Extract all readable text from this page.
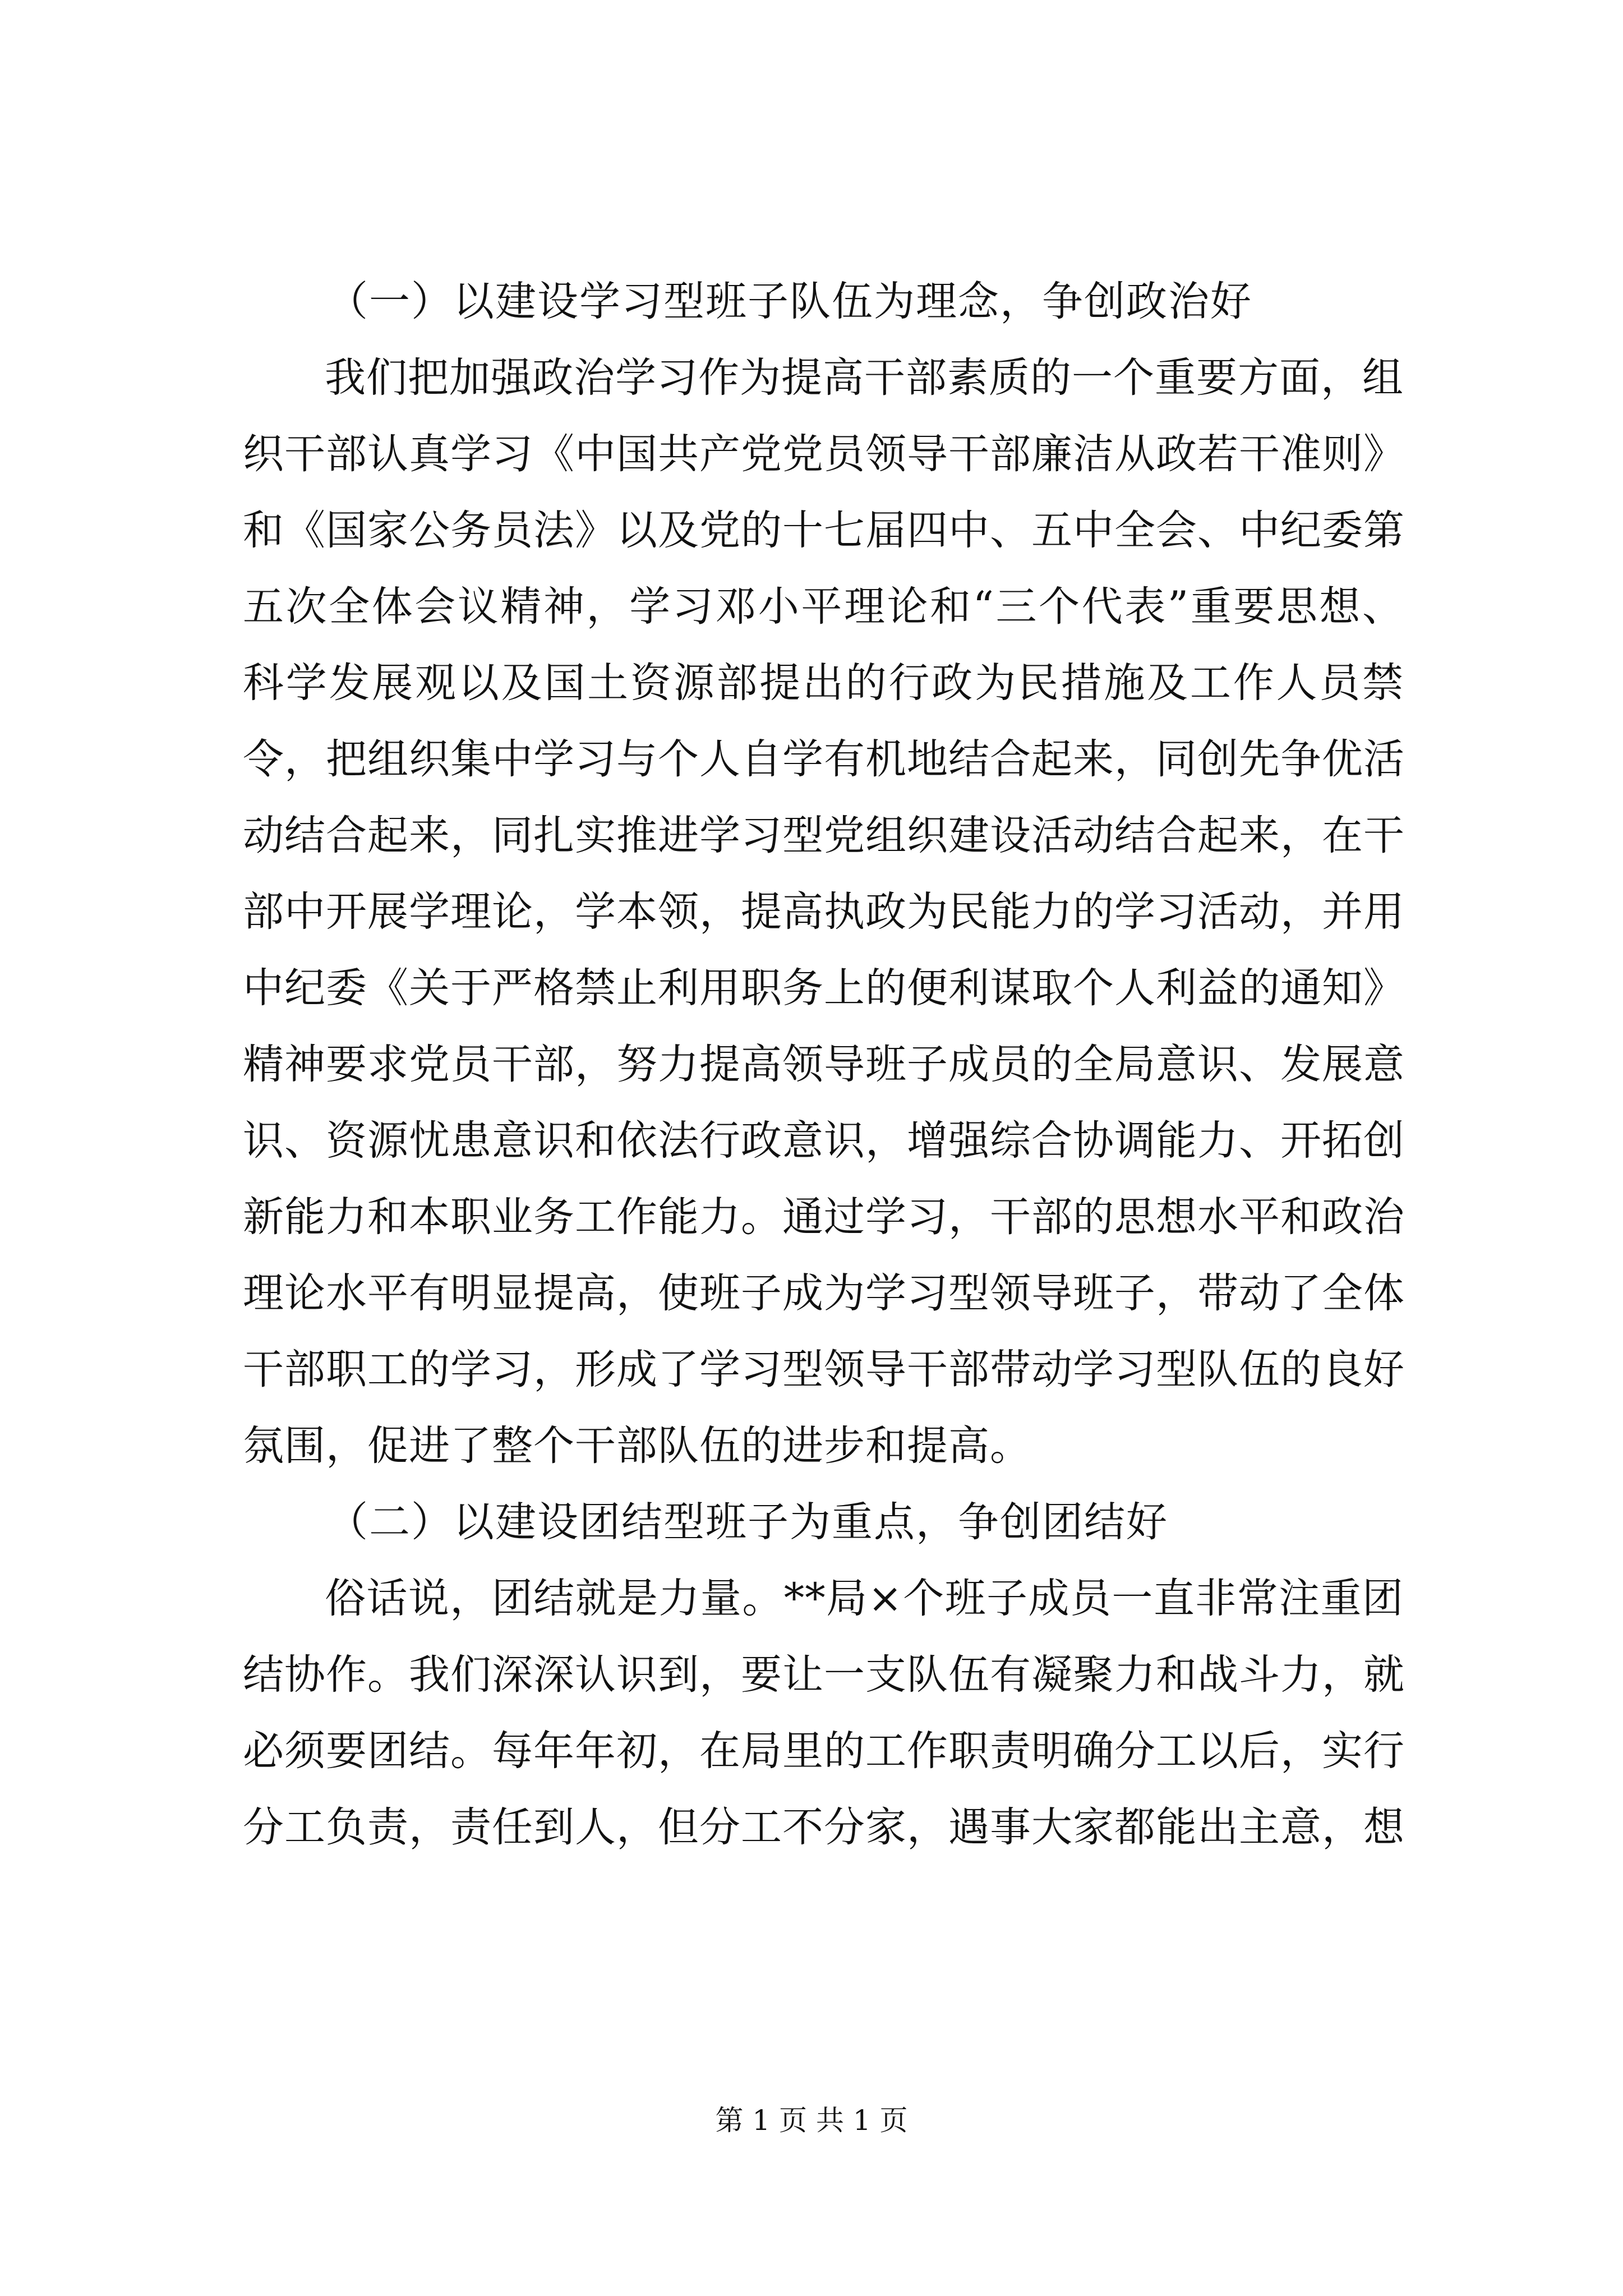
（一）以建设学习型班子队伍为理念，争创政治好
我们把加强政治学习作为提高干部素质的一个重要方面，组
织干部认真学习《中国共产党党员领导干部廉洁从政若干准则》
和《国家公务员法》以及党的十七届四中、五中全会、中纪委第
五次全体会议精神，学习邓小平理论和“三个代表”重要思想、
科学发展观以及国土资源部提出的行政为民措施及工作人员禁
令，把组织集中学习与个人自学有机地结合起来，同创先争优活
动结合起来，同扎实推进学习型党组织建设活动结合起来，在干
部中开展学理论，学本领，提高执政为民能力的学习活动，并用
中纪委《关于严格禁止利用职务上的便利谋取个人利益的通知》
精神要求党员干部，努力提高领导班子成员的全局意识、发展意
识、资源忧患意识和依法行政意识，增强综合协调能力、开拓创
新能力和本职业务工作能力。通过学习，干部的思想水平和政治
理论水平有明显提高，使班子成为学习型领导班子，带动了全体
干部职工的学习，形成了学习型领导干部带动学习型队伍的良好
氛围，促进了整个干部队伍的进步和提高。
（二）以建设团结型班子为重点，争创团结好
俗话说，团结就是力量。**局×个班子成员一直非常注重团
结协作。我们深深认识到，要让一支队伍有凝聚力和战斗力，就
必须要团结。每年年初，在局里的工作职责明确分工以后，实行
分工负责，责任到人，但分工不分家，遇事大家都能出主意，想
第 1 页 共 1 页
